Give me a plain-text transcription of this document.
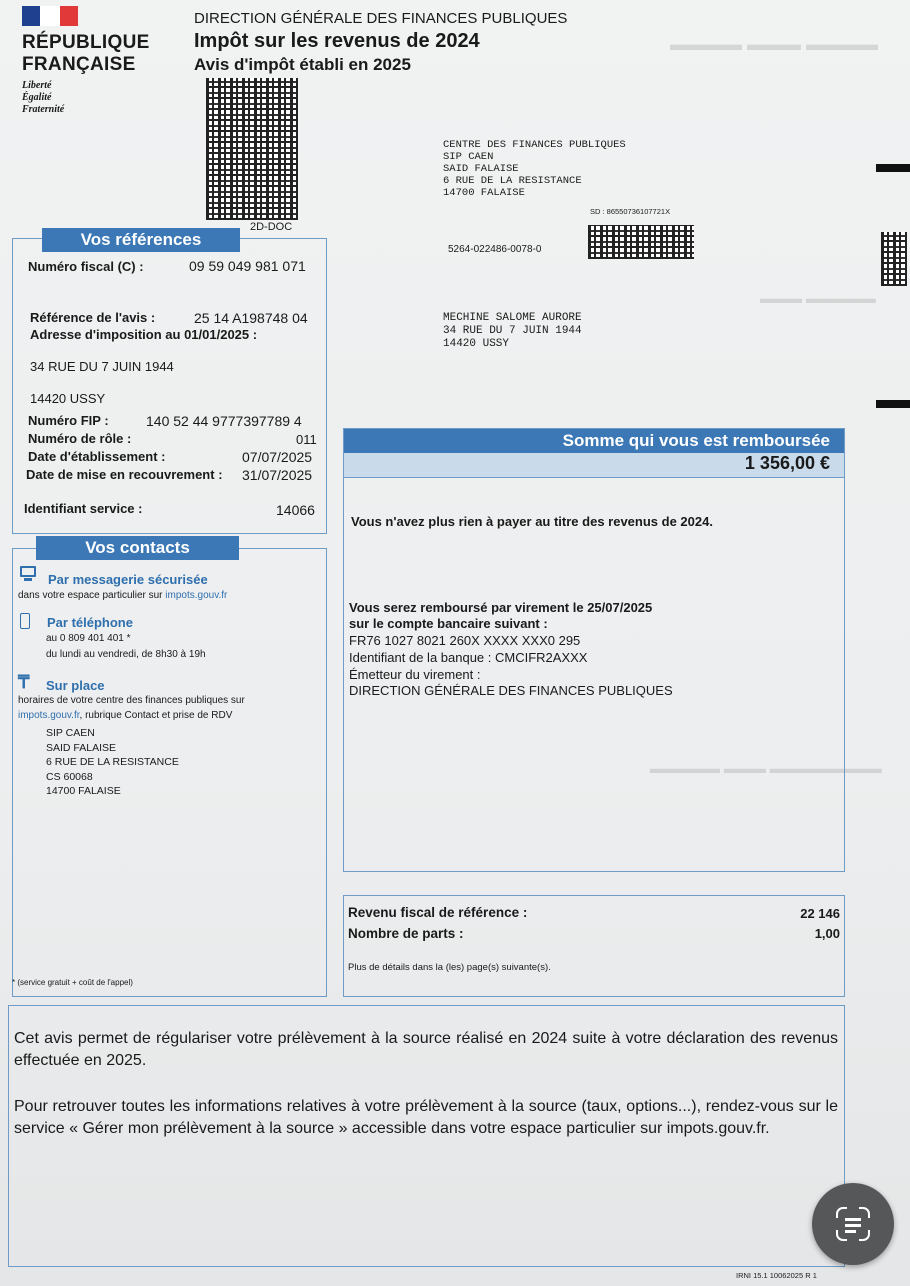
▬▬▬▬ ▬▬▬ ▬▬▬▬
▬▬▬ ▬▬▬▬▬
▬▬▬▬▬ ▬▬▬ ▬▬▬▬▬▬▬▬
RÉPUBLIQUE
FRANÇAISE
Liberté
Égalité
Fraternité
DIRECTION GÉNÉRALE DES FINANCES PUBLIQUES
Impôt sur les revenus de 2024
Avis d'impôt établi en 2025
2D-DOC
CENTRE DES FINANCES PUBLIQUES
SIP CAEN
SAID FALAISE
6 RUE DE LA RESISTANCE
14700 FALAISE
SD : 86550736107721X
5264-022486-0078-0
MECHINE SALOME AURORE
34 RUE DU 7 JUIN 1944
14420 USSY
Vos références
Numéro fiscal (C) :	09 59 049 981 071
Référence de l'avis :	25 14 A198748 04
Adresse d'imposition au 01/01/2025 :
34 RUE DU 7 JUIN 1944
14420 USSY
Numéro FIP :	140 52 44 9777397789 4
Numéro de rôle :	011
Date d'établissement :	07/07/2025
Date de mise en recouvrement : 31/07/2025
Identifiant service :	14066
Vos contacts
Par messagerie sécurisée
dans votre espace particulier sur impots.gouv.fr
Par téléphone
au 0 809 401 401 *
du lundi au vendredi, de 8h30 à 19h
₸ Sur place
horaires de votre centre des finances publiques sur
impots.gouv.fr, rubrique Contact et prise de RDV
SIP CAEN
SAID FALAISE
6 RUE DE LA RESISTANCE
CS 60068
14700 FALAISE
* (service gratuit + coût de l'appel)
Somme qui vous est remboursée
1 356,00 €
Vous n'avez plus rien à payer au titre des revenus de 2024.
Vous serez remboursé par virement le 25/07/2025
sur le compte bancaire suivant :
FR76 1027 8021 260X XXXX XXX0 295
Identifiant de la banque : CMCIFR2AXXX
Émetteur du virement :
DIRECTION GÉNÉRALE DES FINANCES PUBLIQUES
Revenu fiscal de référence :	22 146
Nombre de parts :	1,00
Plus de détails dans la (les) page(s) suivante(s).
Cet avis permet de régulariser votre prélèvement à la source réalisé en 2024 suite à votre déclaration des revenus effectuée en 2025.
Pour retrouver toutes les informations relatives à votre prélèvement à la source (taux, options...), rendez-vous sur le service « Gérer mon prélèvement à la source » accessible dans votre espace particulier sur impots.gouv.fr.
IRNI 15.1 10062025 R 1
